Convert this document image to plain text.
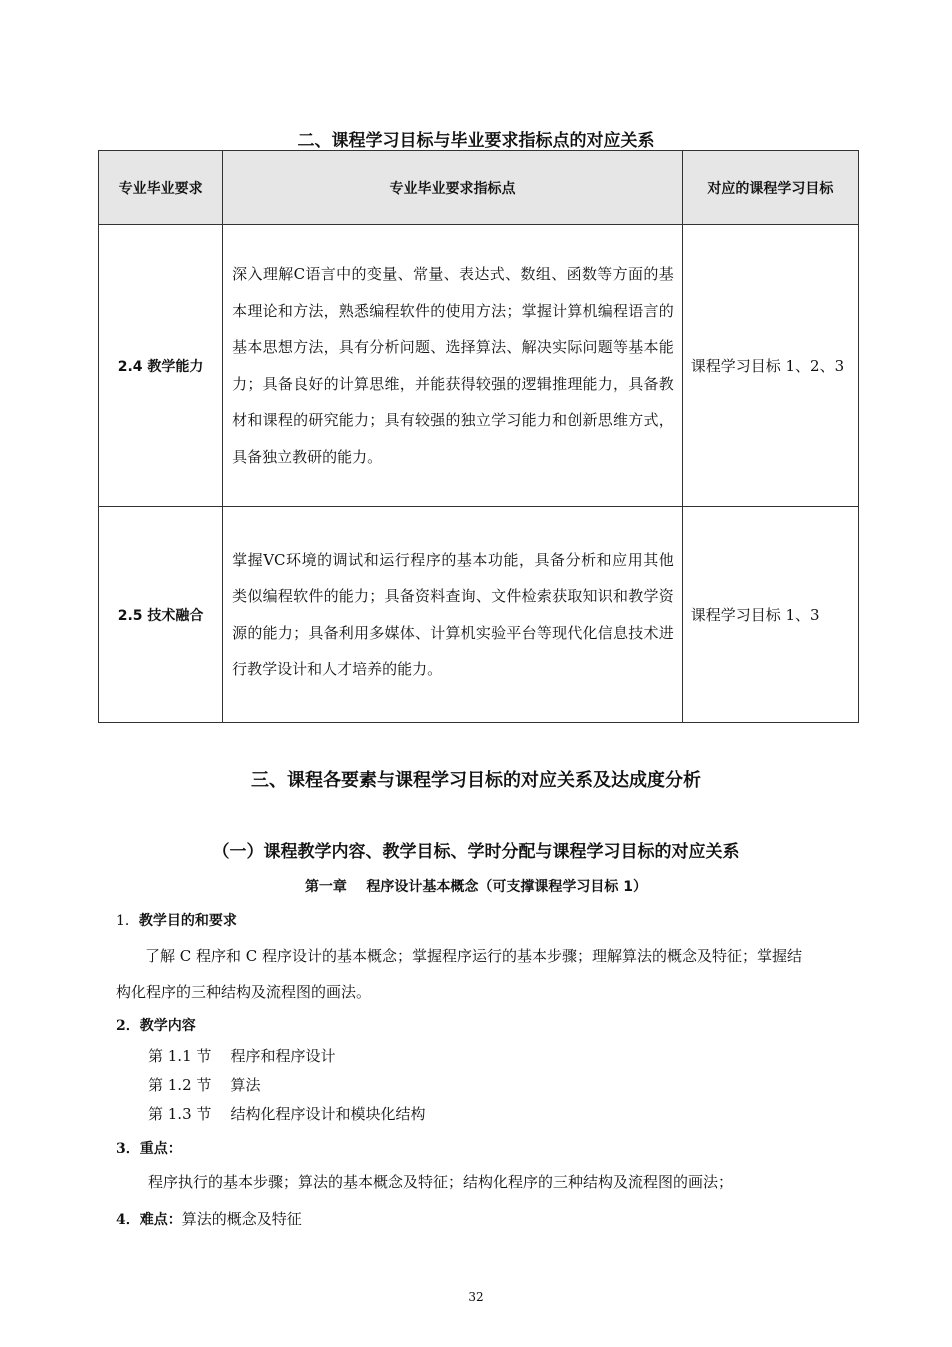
二、课程学习目标与毕业要求指标点的对应关系
专业毕业要求	专业毕业要求指标点	对应的课程学习目标
2.4 教学能力	深入理解C语言中的变量、常量、表达式、数组、函数等方面的基本理论和方法，熟悉编程软件的使用方法；掌握计算机编程语言的基本思想方法，具有分析问题、选择算法、解决实际问题等基本能力；具备良好的计算思维，并能获得较强的逻辑推理能力，具备教材和课程的研究能力；具有较强的独立学习能力和创新思维方式，具备独立教研的能力。	课程学习目标 1、2、3
2.5 技术融合	掌握VC环境的调试和运行程序的基本功能，具备分析和应用其他类似编程软件的能力；具备资料查询、文件检索获取知识和教学资源的能力；具备利用多媒体、计算机实验平台等现代化信息技术进行教学设计和人才培养的能力。	课程学习目标 1、3
三、课程各要素与课程学习目标的对应关系及达成度分析
（一）课程教学内容、教学目标、学时分配与课程学习目标的对应关系
第一章    程序设计基本概念（可支撑课程学习目标 1）
1．教学目的和要求
了解 C 程序和 C 程序设计的基本概念；掌握程序运行的基本步骤；理解算法的概念及特征；掌握结
构化程序的三种结构及流程图的画法。
2．教学内容
第 1.1 节    程序和程序设计
第 1.2 节    算法
第 1.3 节    结构化程序设计和模块化结构
3．重点：
程序执行的基本步骤；算法的基本概念及特征；结构化程序的三种结构及流程图的画法；
4．难点：算法的概念及特征
32
